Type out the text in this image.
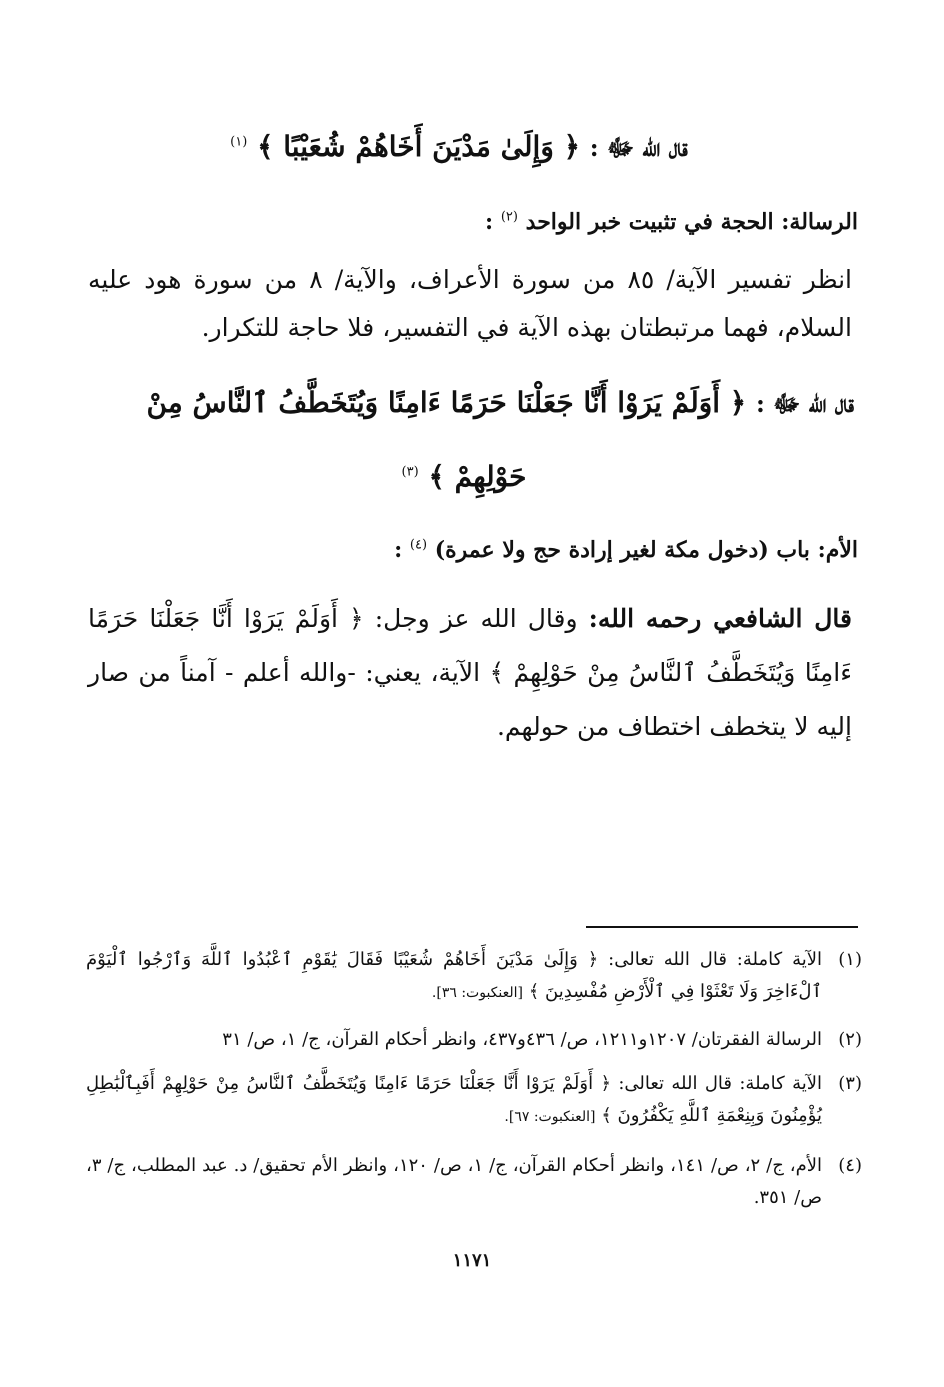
قال الله ﷻ : ﴿ وَإِلَىٰ مَدْيَنَ أَخَاهُمْ شُعَيْبًا ﴾ $^{(١)}$
الرسالة: الحجة في تثبيت خبر الواحد $^{(٢)}$ :
انظر تفسير الآية/ ٨٥ من سورة الأعراف، والآية/ ٨ من سورة هود عليه السلام، فهما مرتبطتان بهذه الآية في التفسير، فلا حاجة للتكرار.
قال الله ﷻ : ﴿ أَوَلَمْ يَرَوْا أَنَّا جَعَلْنَا حَرَمًا ءَامِنًا وَيُتَخَطَّفُ ٱلنَّاسُ مِنْ
حَوْلِهِمْ ﴾ $^{(٣)}$
الأم: باب (دخول مكة لغير إرادة حج ولا عمرة) $^{(٤)}$ :
قال الشافعي رحمه الله: وقال الله عز وجل: ﴿ أَوَلَمْ يَرَوْا أَنَّا جَعَلْنَا حَرَمًا ءَامِنًا وَيُتَخَطَّفُ ٱلنَّاسُ مِنْ حَوْلِهِمْ ﴾ الآية، يعني: -والله أعلم - آمناً من صار إليه لا يتخطف اختطاف من حولهم.
(١)
الآية كاملة: قال الله تعالى: ﴿ وَإِلَىٰ مَدْيَنَ أَخَاهُمْ شُعَيْبًا فَقَالَ يَٰقَوْمِ ٱعْبُدُوا ٱللَّهَ وَٱرْجُوا ٱلْيَوْمَ ٱلْءَاخِرَ وَلَا تَعْثَوْا فِي ٱلْأَرْضِ مُفْسِدِينَ ﴾ [العنكبوت: ٣٦].
(٢)
الرسالة الفقرتان/ ١٢٠٧و١٢١١، ص/ ٤٣٦و٤٣٧، وانظر أحكام القرآن، ج/ ١، ص/ ٣١
(٣)
الآية كاملة: قال الله تعالى: ﴿ أَوَلَمْ يَرَوْا أَنَّا جَعَلْنَا حَرَمًا ءَامِنًا وَيُتَخَطَّفُ ٱلنَّاسُ مِنْ حَوْلِهِمْ أَفَبِٱلْبَٰطِلِ يُؤْمِنُونَ وَبِنِعْمَةِ ٱللَّهِ يَكْفُرُونَ ﴾ [العنكبوت: ٦٧].
(٤)
الأم، ج/ ٢، ص/ ١٤١، وانظر أحكام القرآن، ج/ ١، ص/ ١٢٠، وانظر الأم تحقيق/ د. عبد المطلب، ج/ ٣، ص/ ٣٥١.
١١٧١
